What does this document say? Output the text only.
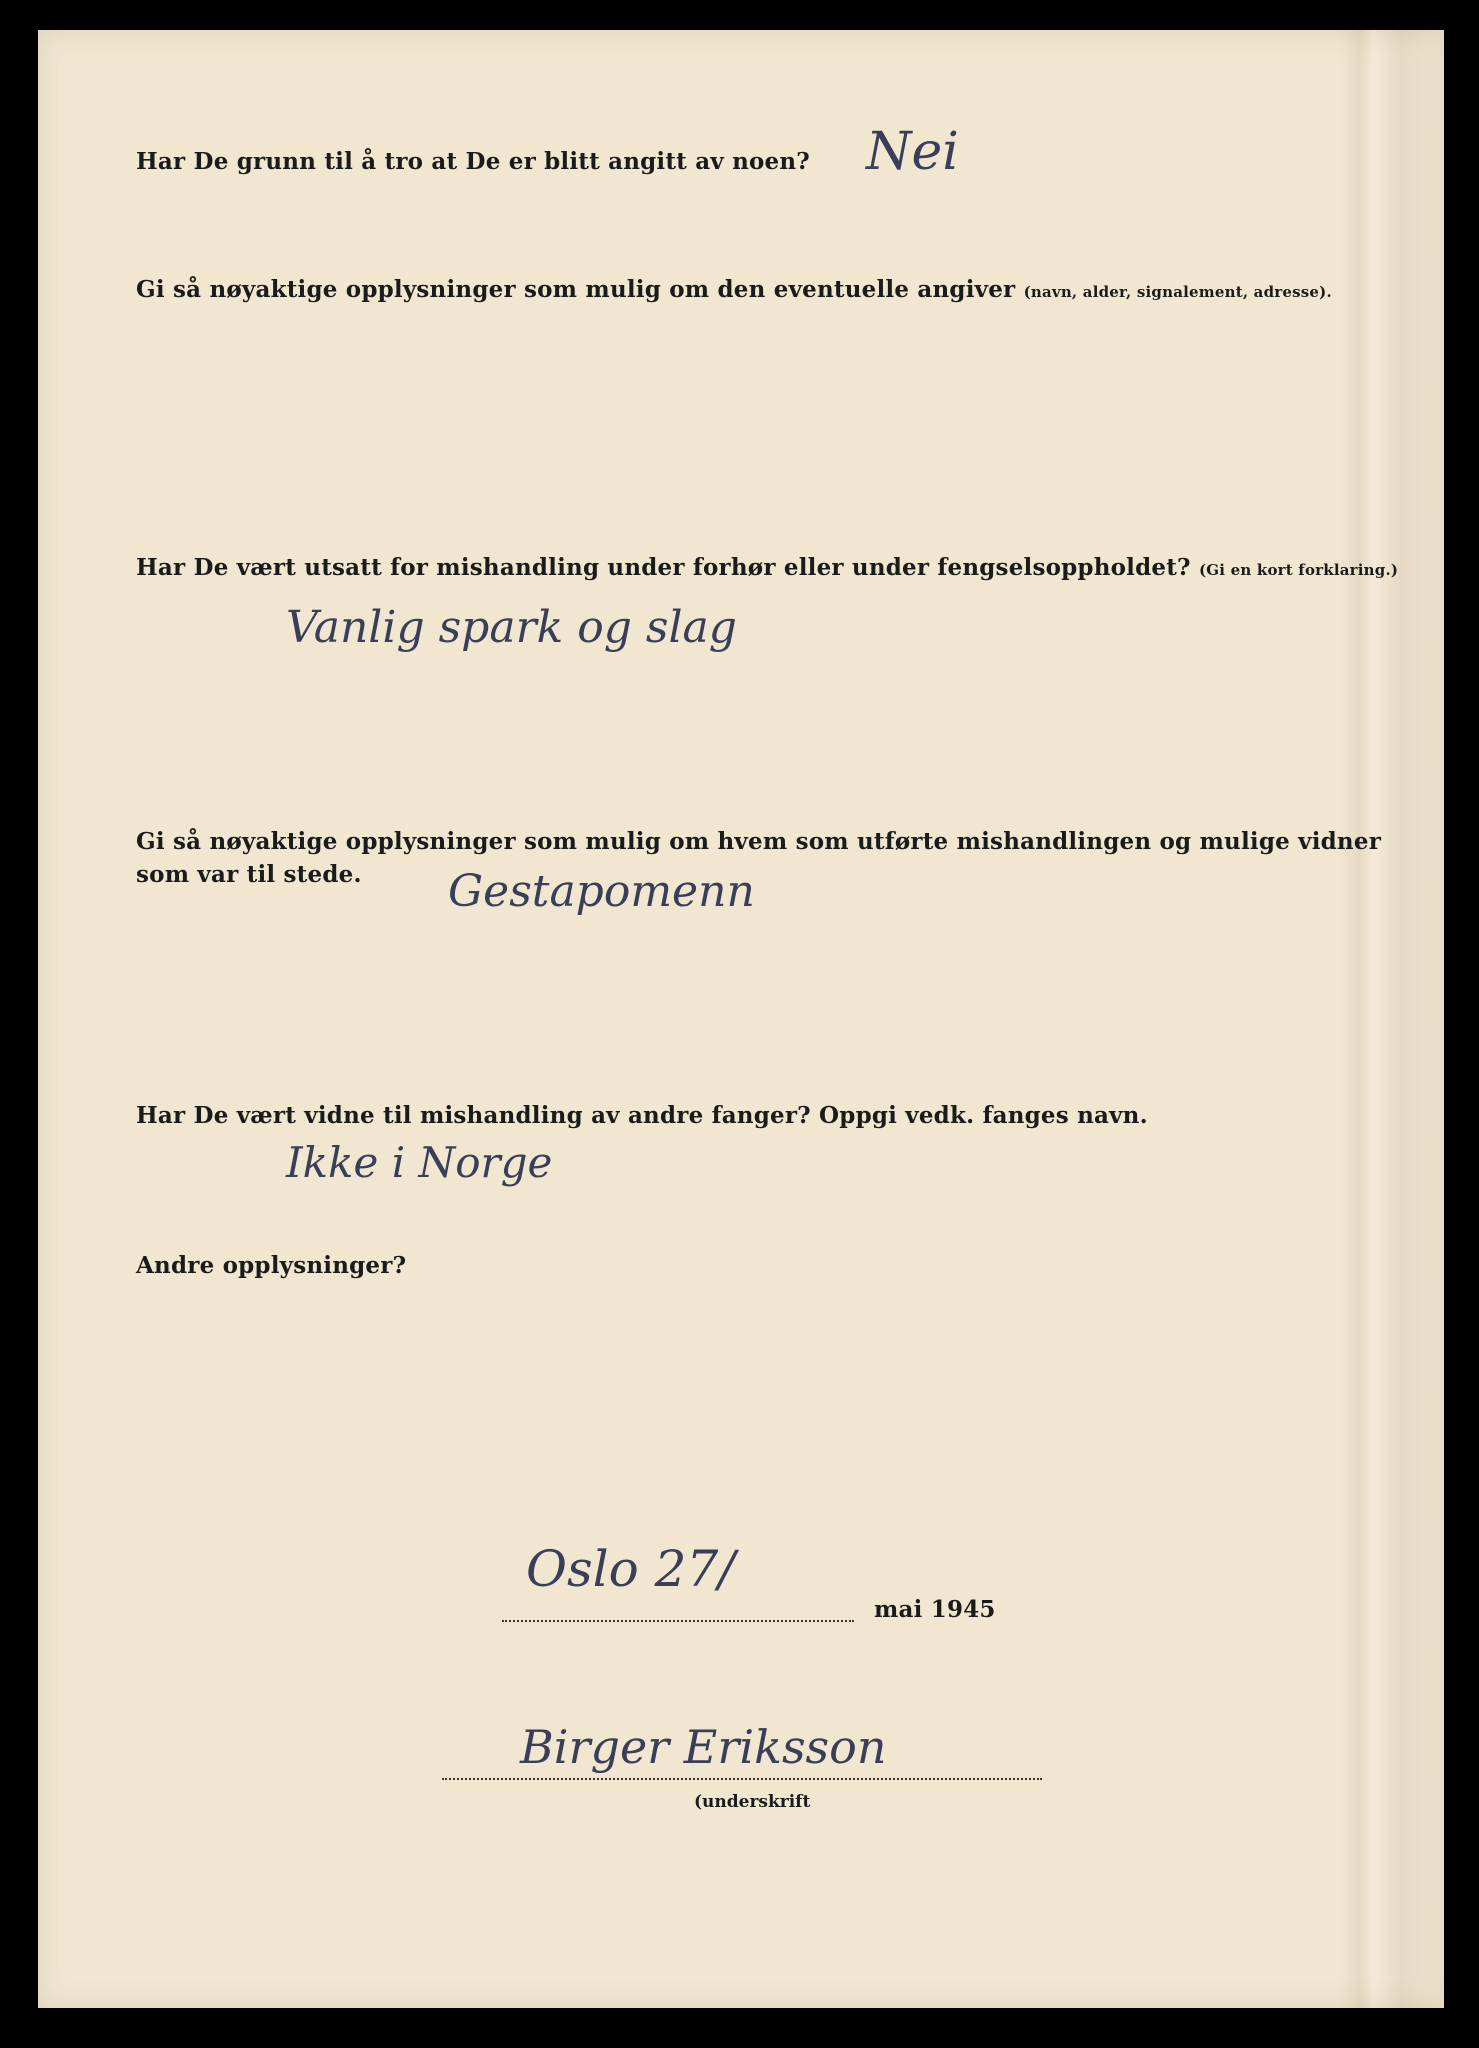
Har De grunn til å tro at De er blitt angitt av noen? Nei
Gi så nøyaktige opplysninger som mulig om den eventuelle angiver (navn, alder, signalement, adresse).
Har De vært utsatt for mishandling under forhør eller under fengselsoppholdet? (Gi en kort forklaring.)
Vanlig spark og slag
Gi så nøyaktige opplysninger som mulig om hvem som utførte mishandlingen og mulige vidner
som var til stede.	Gestapomenn
Har De vært vidne til mishandling av andre fanger? Oppgi vedk. fanges navn.
Ikke i Norge
Andre opplysninger?
Oslo 27/
mai 1945
Birger Eriksson
(underskrift
